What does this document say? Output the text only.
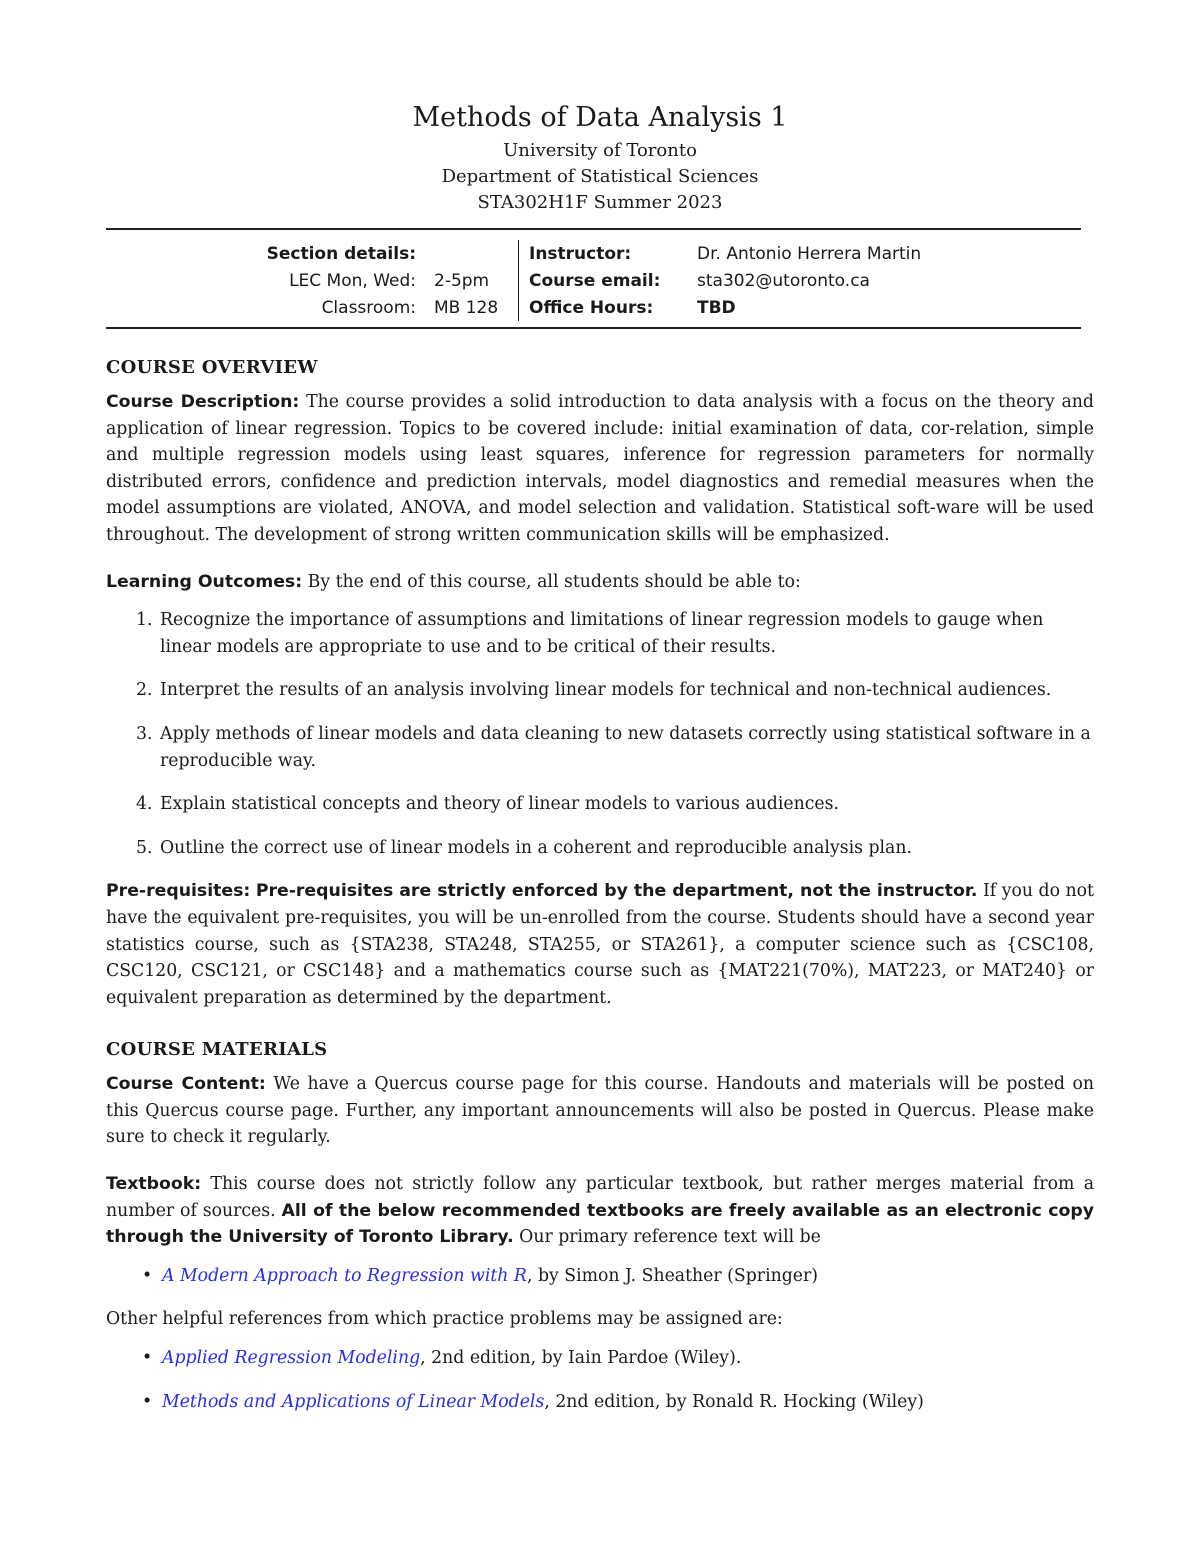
Methods of Data Analysis 1
University of Toronto
Department of Statistical Sciences
STA302H1F Summer 2023
Section details:		Instructor:	Dr. Antonio Herrera Martin
LEC Mon, Wed:	2-5pm	Course email:	sta302@utoronto.ca
Classroom:	MB 128	Office Hours:	TBD
COURSE OVERVIEW

Course Description: The course provides a solid introduction to data analysis with a focus on the theory and application of linear regression. Topics to be covered include: initial examination of data, cor-relation, simple and multiple regression models using least squares, inference for regression parameters for normally distributed errors, confidence and prediction intervals, model diagnostics and remedial measures when the model assumptions are violated, ANOVA, and model selection and validation. Statistical soft-ware will be used throughout. The development of strong written communication skills will be emphasized.

Learning Outcomes: By the end of this course, all students should be able to:

1. Recognize the importance of assumptions and limitations of linear regression models to gauge when linear models are appropriate to use and to be critical of their results.
2. Interpret the results of an analysis involving linear models for technical and non-technical audiences.
3. Apply methods of linear models and data cleaning to new datasets correctly using statistical software in a reproducible way.
4. Explain statistical concepts and theory of linear models to various audiences.
5. Outline the correct use of linear models in a coherent and reproducible analysis plan.

Pre-requisites: Pre-requisites are strictly enforced by the department, not the instructor. If you do not have the equivalent pre-requisites, you will be un-enrolled from the course. Students should have a second year statistics course, such as {STA238, STA248, STA255, or STA261}, a computer science such as {CSC108, CSC120, CSC121, or CSC148} and a mathematics course such as {MAT221(70%), MAT223, or MAT240} or equivalent preparation as determined by the department.

COURSE MATERIALS

Course Content: We have a Quercus course page for this course. Handouts and materials will be posted on this Quercus course page. Further, any important announcements will also be posted in Quercus. Please make sure to check it regularly.

Textbook: This course does not strictly follow any particular textbook, but rather merges material from a number of sources. All of the below recommended textbooks are freely available as an electronic copy through the University of Toronto Library. Our primary reference text will be

• A Modern Approach to Regression with R, by Simon J. Sheather (Springer)

Other helpful references from which practice problems may be assigned are:

• Applied Regression Modeling, 2nd edition, by Iain Pardoe (Wiley).
• Methods and Applications of Linear Models, 2nd edition, by Ronald R. Hocking (Wiley)
